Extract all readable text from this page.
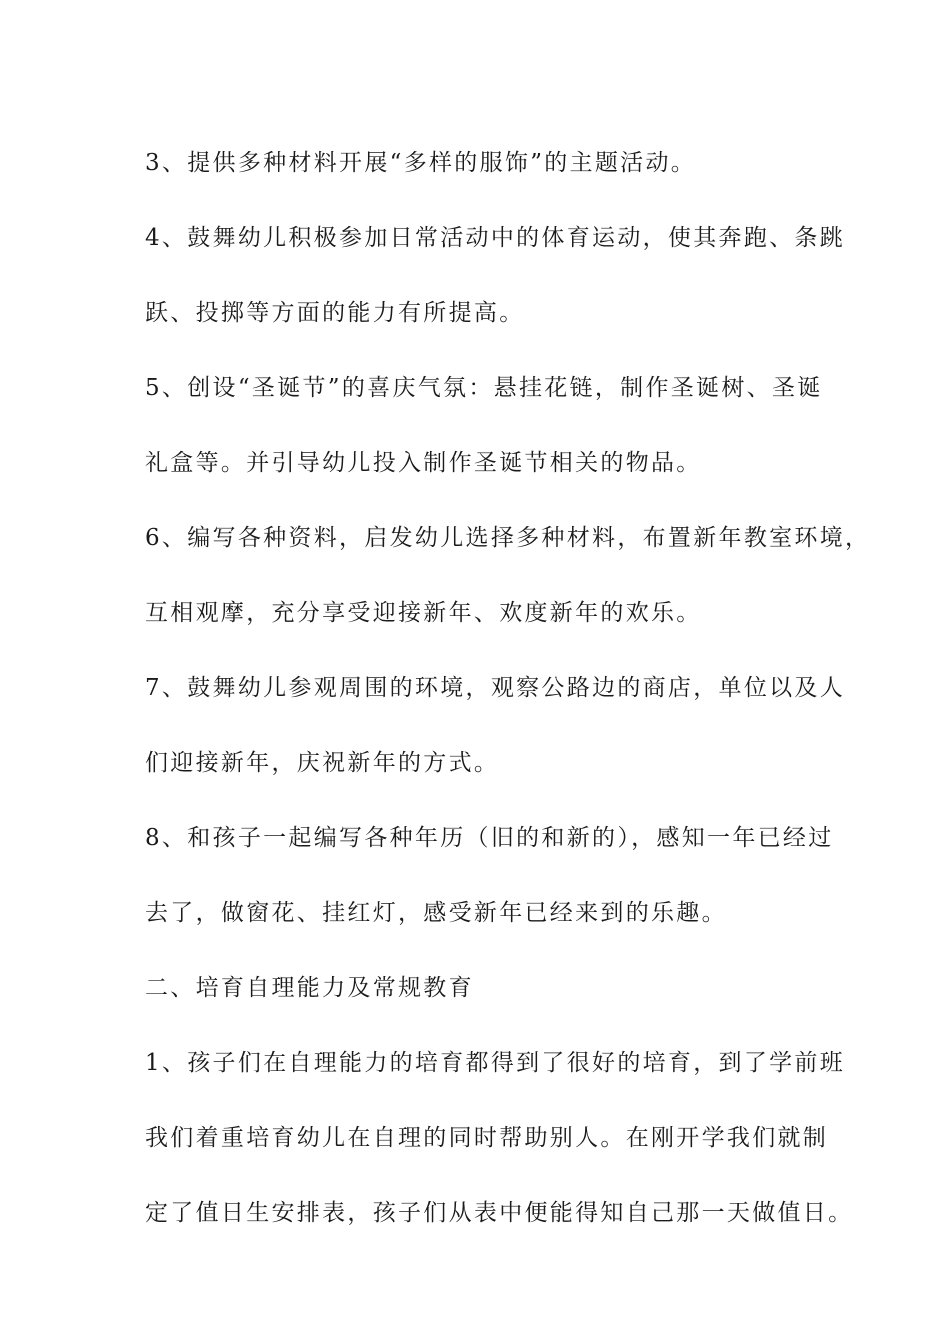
3、提供多种材料开展“多样的服饰”的主题活动。
4、鼓舞幼儿积极参加日常活动中的体育运动，使其奔跑、条跳
跃、投掷等方面的能力有所提高。
5、创设“圣诞节”的喜庆气氛：悬挂花链，制作圣诞树、圣诞
礼盒等。并引导幼儿投入制作圣诞节相关的物品。
6、编写各种资料，启发幼儿选择多种材料，布置新年教室环境，
互相观摩，充分享受迎接新年、欢度新年的欢乐。
7、鼓舞幼儿参观周围的环境，观察公路边的商店，单位以及人
们迎接新年，庆祝新年的方式。
8、和孩子一起编写各种年历（旧的和新的），感知一年已经过
去了，做窗花、挂红灯，感受新年已经来到的乐趣。
二、培育自理能力及常规教育
1、孩子们在自理能力的培育都得到了很好的培育，到了学前班
我们着重培育幼儿在自理的同时帮助别人。在刚开学我们就制
定了值日生安排表，孩子们从表中便能得知自己那一天做值日。
